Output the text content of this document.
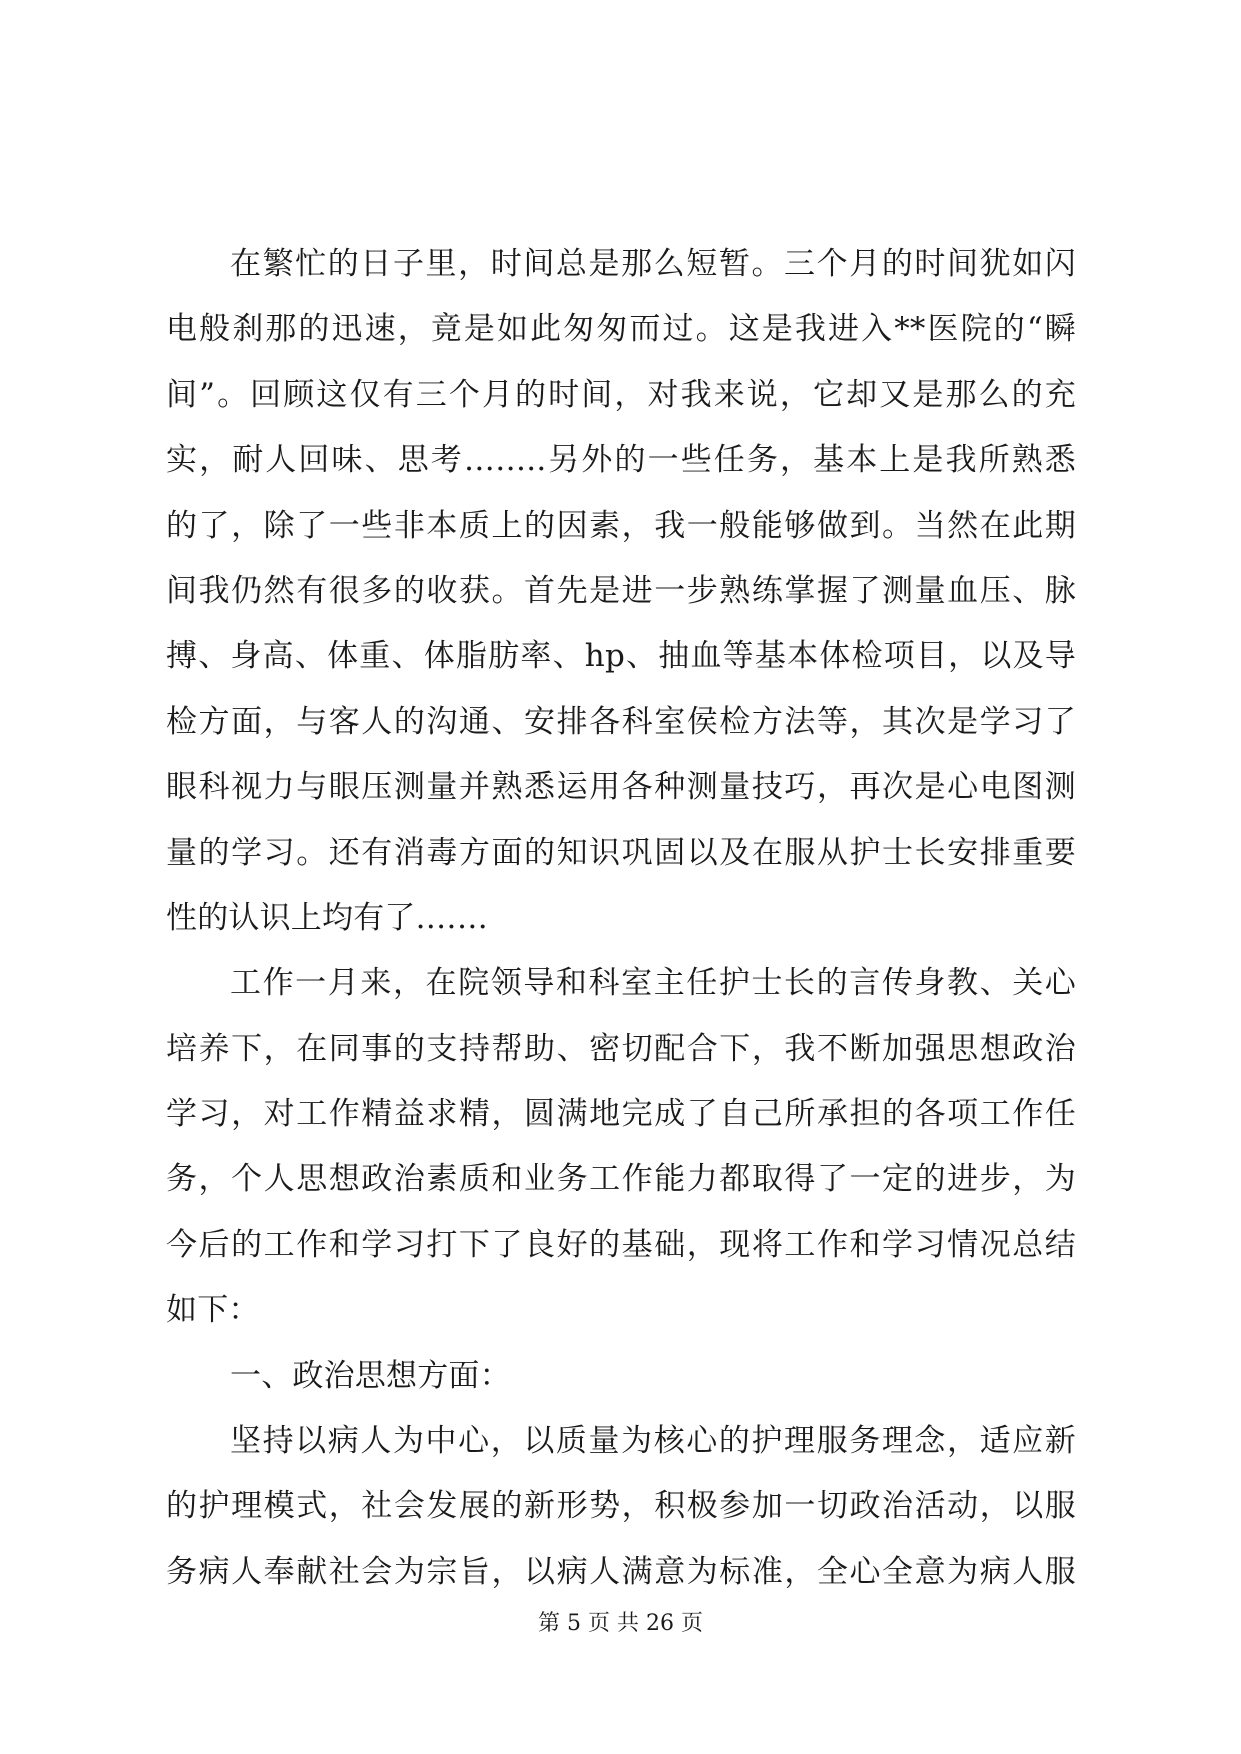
在繁忙的日子里，时间总是那么短暂。三个月的时间犹如闪
电般刹那的迅速，竟是如此匆匆而过。这是我进入**医院的“瞬
间”。回顾这仅有三个月的时间，对我来说，它却又是那么的充
实，耐人回味、思考……..另外的一些任务，基本上是我所熟悉
的了，除了一些非本质上的因素，我一般能够做到。当然在此期
间我仍然有很多的收获。首先是进一步熟练掌握了测量血压、脉
搏、身高、体重、体脂肪率、hp、抽血等基本体检项目，以及导
检方面，与客人的沟通、安排各科室侯检方法等，其次是学习了
眼科视力与眼压测量并熟悉运用各种测量技巧，再次是心电图测
量的学习。还有消毒方面的知识巩固以及在服从护士长安排重要
性的认识上均有了.……
工作一月来，在院领导和科室主任护士长的言传身教、关心
培养下，在同事的支持帮助、密切配合下，我不断加强思想政治
学习，对工作精益求精，圆满地完成了自己所承担的各项工作任
务，个人思想政治素质和业务工作能力都取得了一定的进步，为
今后的工作和学习打下了良好的基础，现将工作和学习情况总结
如下：
一、政治思想方面：
坚持以病人为中心，以质量为核心的护理服务理念，适应新
的护理模式，社会发展的新形势，积极参加一切政治活动，以服
务病人奉献社会为宗旨，以病人满意为标准，全心全意为病人服
第 5 页 共 26 页
